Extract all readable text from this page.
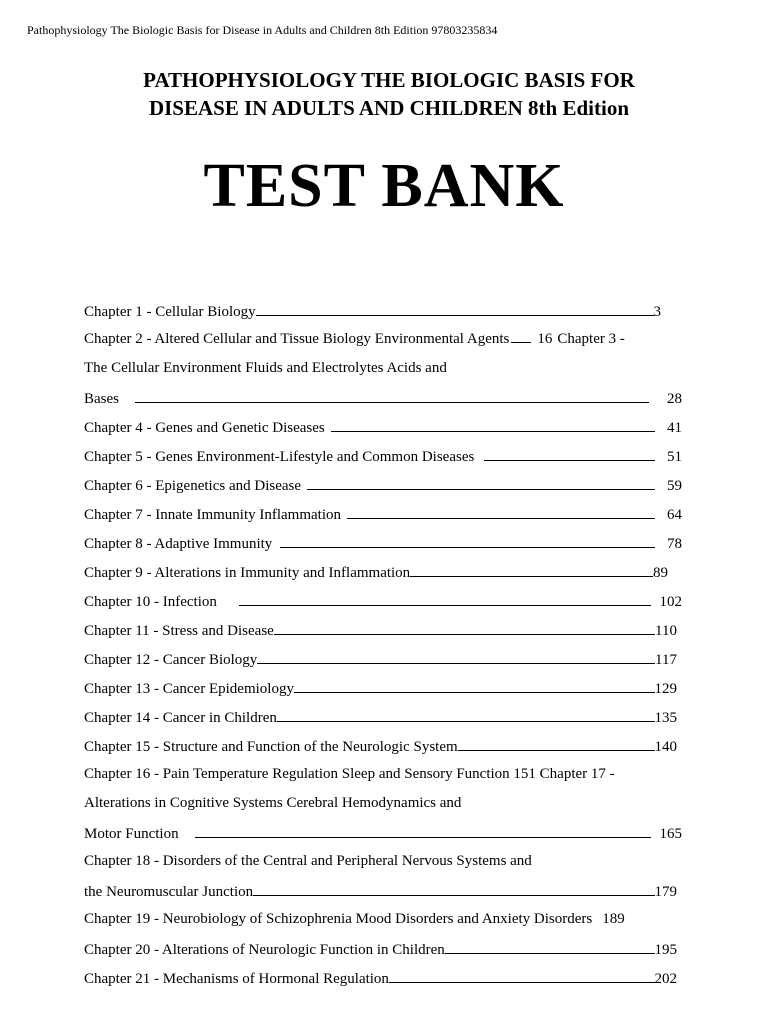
Pathophysiology The Biologic Basis for Disease in Adults and Children 8th Edition 97803235834
PATHOPHYSIOLOGY THE BIOLOGIC BASIS FOR
DISEASE IN ADULTS AND CHILDREN 8th Edition
TEST BANK
Chapter 1 - Cellular Biology	3
Chapter 2 - Altered Cellular and Tissue Biology Environmental Agents 16 Chapter 3 -
The Cellular Environment Fluids and Electrolytes Acids and
Bases	28
Chapter 4 - Genes and Genetic Diseases	41
Chapter 5 - Genes Environment-Lifestyle and Common Diseases	51
Chapter 6 - Epigenetics and Disease	59
Chapter 7 - Innate Immunity Inflammation	64
Chapter 8 - Adaptive Immunity	78
Chapter 9 - Alterations in Immunity and Inflammation	89
Chapter 10 - Infection	102
Chapter 11 - Stress and Disease	110
Chapter 12 - Cancer Biology	117
Chapter 13 - Cancer Epidemiology	129
Chapter 14 - Cancer in Children	135
Chapter 15 - Structure and Function of the Neurologic System	140
Chapter 16 - Pain Temperature Regulation Sleep and Sensory Function 151 Chapter 17 -
Alterations in Cognitive Systems Cerebral Hemodynamics and
Motor Function	165
Chapter 18 - Disorders of the Central and Peripheral Nervous Systems and
the Neuromuscular Junction	179
Chapter 19 - Neurobiology of Schizophrenia Mood Disorders and Anxiety Disorders 189
Chapter 20 - Alterations of Neurologic Function in Children	195
Chapter 21 - Mechanisms of Hormonal Regulation	202
